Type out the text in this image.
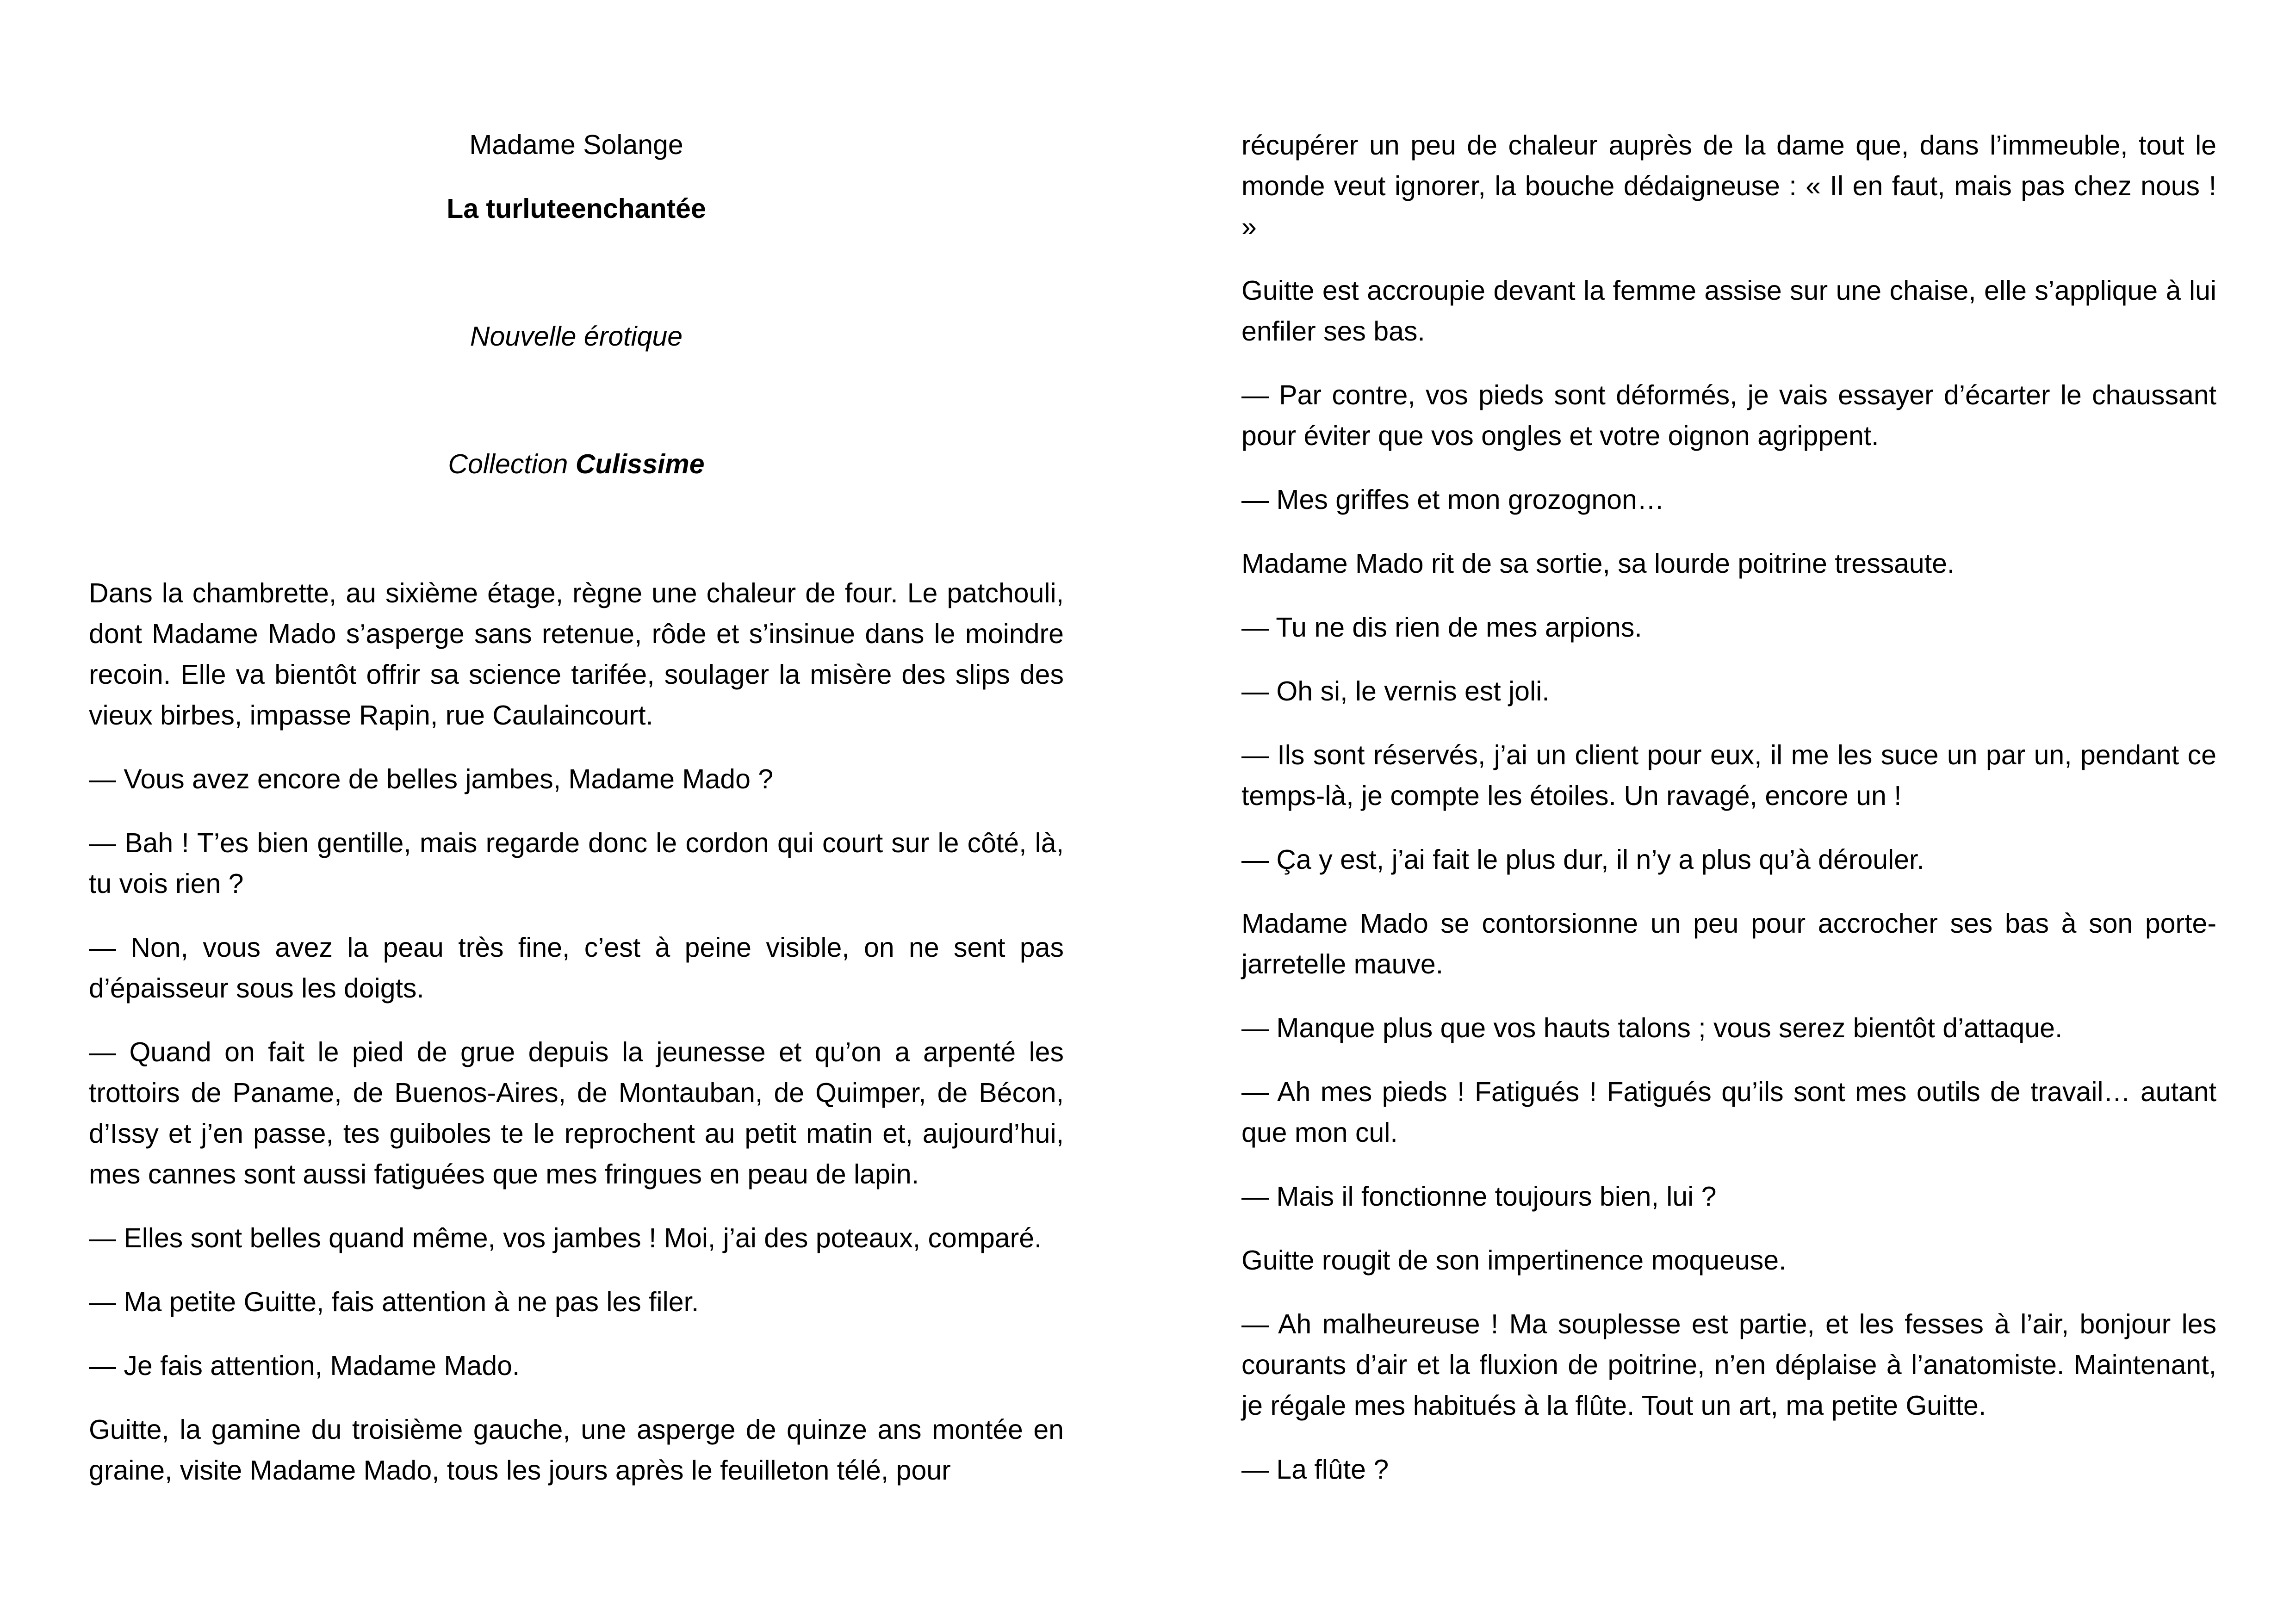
Madame Solange

La turluteenchantée

Nouvelle érotique

Collection Culissime

Dans la chambrette, au sixième étage, règne une chaleur de four. Le patchouli, dont Madame Mado s’asperge sans retenue, rôde et s’insinue dans le moindre recoin. Elle va bientôt offrir sa science tarifée, soulager la misère des slips des vieux birbes, impasse Rapin, rue Caulaincourt.

— Vous avez encore de belles jambes, Madame Mado ?

— Bah ! T’es bien gentille, mais regarde donc le cordon qui court sur le côté, là, tu vois rien ?

— Non, vous avez la peau très fine, c’est à peine visible, on ne sent pas d’épaisseur sous les doigts.

— Quand on fait le pied de grue depuis la jeunesse et qu’on a arpenté les trottoirs de Paname, de Buenos-Aires, de Montauban, de Quimper, de Bécon, d’Issy et j’en passe, tes guiboles te le reprochent au petit matin et, aujourd’hui, mes cannes sont aussi fatiguées que mes fringues en peau de lapin.

— Elles sont belles quand même, vos jambes ! Moi, j’ai des poteaux, comparé.

— Ma petite Guitte, fais attention à ne pas les filer.

— Je fais attention, Madame Mado.

Guitte, la gamine du troisième gauche, une asperge de quinze ans montée en graine, visite Madame Mado, tous les jours après le feuilleton télé, pour

récupérer un peu de chaleur auprès de la dame que, dans l’immeuble, tout le monde veut ignorer, la bouche dédaigneuse : « Il en faut, mais pas chez nous ! »

Guitte est accroupie devant la femme assise sur une chaise, elle s’applique à lui enfiler ses bas.

— Par contre, vos pieds sont déformés, je vais essayer d’écarter le chaussant pour éviter que vos ongles et votre oignon agrippent.

— Mes griffes et mon grozognon…

Madame Mado rit de sa sortie, sa lourde poitrine tressaute.

— Tu ne dis rien de mes arpions.

— Oh si, le vernis est joli.

— Ils sont réservés, j’ai un client pour eux, il me les suce un par un, pendant ce temps-là, je compte les étoiles. Un ravagé, encore un !

— Ça y est, j’ai fait le plus dur, il n’y a plus qu’à dérouler.

Madame Mado se contorsionne un peu pour accrocher ses bas à son porte-jarretelle mauve.

— Manque plus que vos hauts talons ; vous serez bientôt d’attaque.

— Ah mes pieds ! Fatigués ! Fatigués qu’ils sont mes outils de travail… autant que mon cul.

— Mais il fonctionne toujours bien, lui ?

Guitte rougit de son impertinence moqueuse.

— Ah malheureuse ! Ma souplesse est partie, et les fesses à l’air, bonjour les courants d’air et la fluxion de poitrine, n’en déplaise à l’anatomiste. Maintenant, je régale mes habitués à la flûte. Tout un art, ma petite Guitte.

— La flûte ?
